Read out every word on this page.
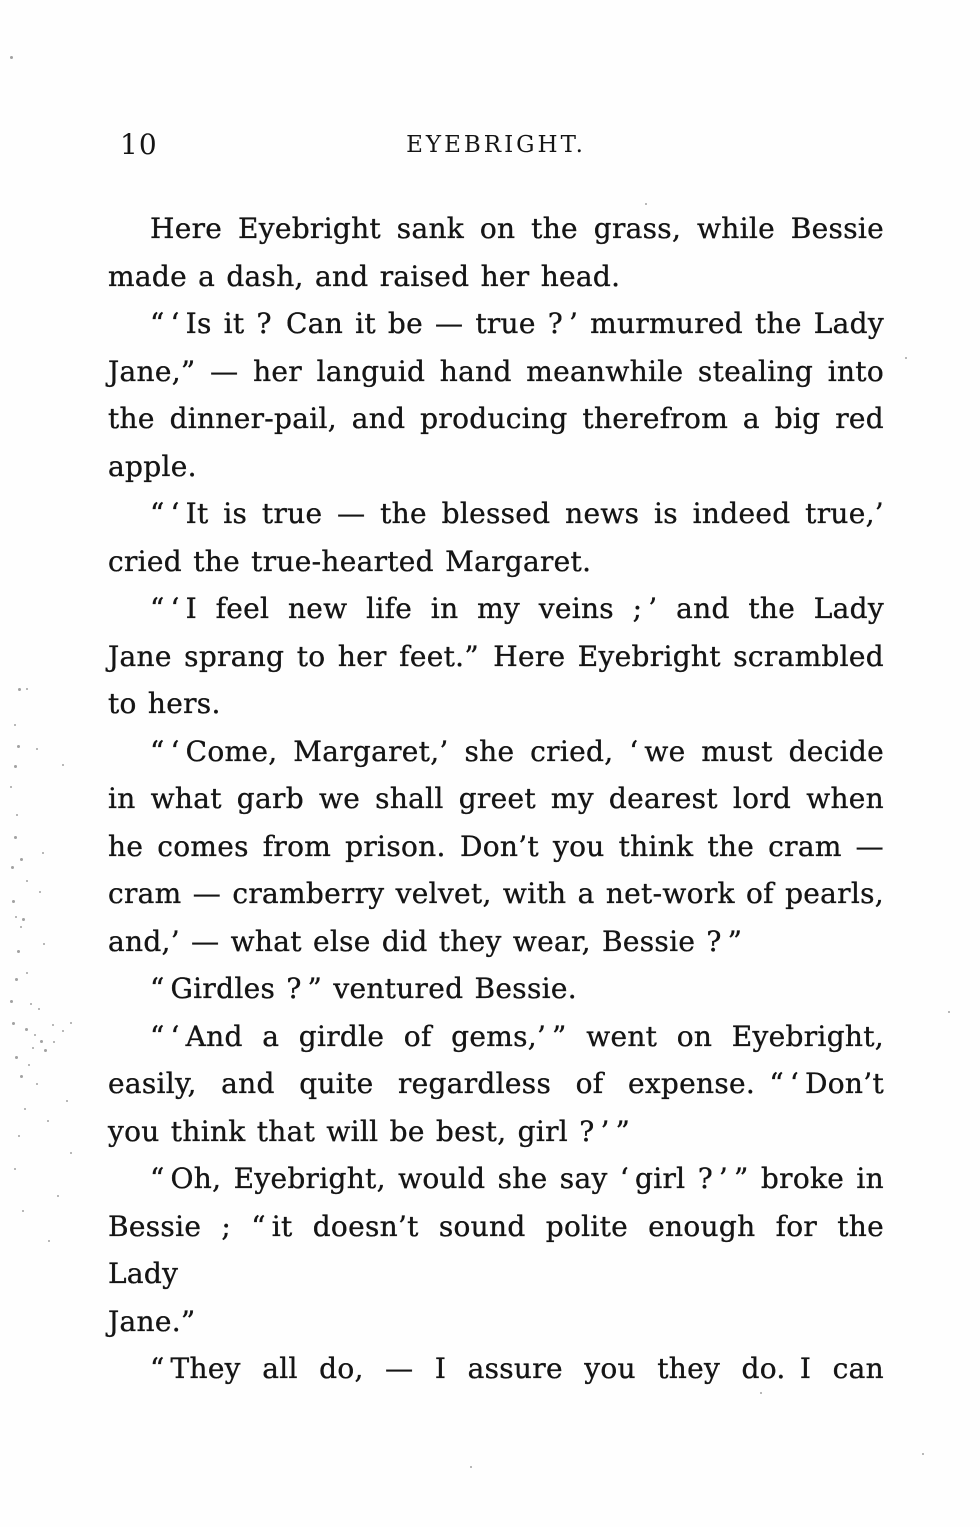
10	EYEBRIGHT.
Here Eyebright sank on the grass, while Bessie
made a dash, and raised her head.
“ ‘ Is it ? Can it be — true ? ’ murmured the Lady
Jane,” — her languid hand meanwhile stealing into
the dinner-pail, and producing therefrom a big red
apple.
“ ‘ It is true — the blessed news is indeed true,’
cried the true-hearted Margaret.
“ ‘ I feel new life in my veins ; ’ and the Lady
Jane sprang to her feet.” Here Eyebright scrambled
to hers.
“ ‘ Come, Margaret,’ she cried, ‘ we must decide
in what garb we shall greet my dearest lord when
he comes from prison. Don’t you think the cram —
cram — cramberry velvet, with a net-work of pearls,
and,’ — what else did they wear, Bessie ? ”
“ Girdles ? ” ventured Bessie.
“ ‘ And a girdle of gems,’ ” went on Eyebright,
easily, and quite regardless of expense. “ ‘ Don’t
you think that will be best, girl ? ’ ”
“ Oh, Eyebright, would she say ‘ girl ? ’ ” broke in
Bessie ; “ it doesn’t sound polite enough for the Lady
Jane.”
“ They all do, — I assure you they do. I can
